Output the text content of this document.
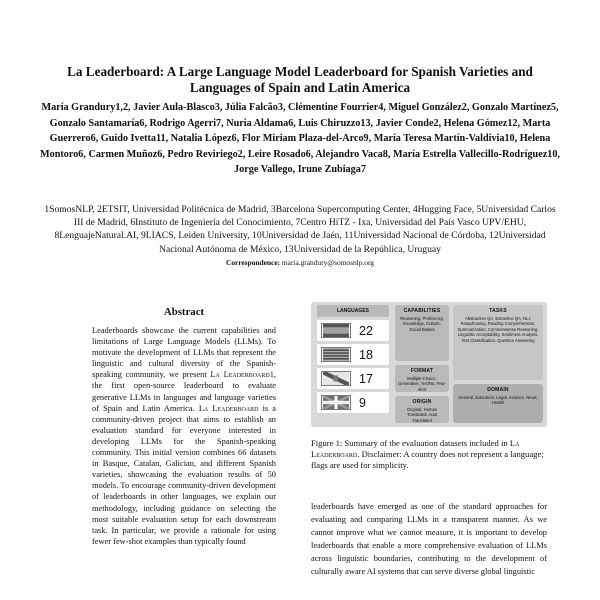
La Leaderboard: A Large Language Model Leaderboard for Spanish Varieties and Languages of Spain and Latin America
María Grandury1,2, Javier Aula-Blasco3, Júlia Falcão3, Clémentine Fourrier4, Miguel González2, Gonzalo Martínez5, Gonzalo Santamaría6, Rodrigo Agerri7, Nuria Aldama6, Luis Chiruzzo13, Javier Conde2, Helena Gómez12, Marta Guerrero6, Guido Ivetta11, Natalia López6, Flor Miriam Plaza-del-Arco9, María Teresa Martín-Valdivia10, Helena Montoro6, Carmen Muñoz6, Pedro Reviriego2, Leire Rosado6, Alejandro Vaca8, María Estrella Vallecillo-Rodríguez10, Jorge Vallego, Irune Zubiaga7
1SomosNLP, 2ETSIT, Universidad Politécnica de Madrid, 3Barcelona Supercomputing Center, 4Hugging Face, 5Universidad Carlos III de Madrid, 6Instituto de Ingeniería del Conocimiento, 7Centro HiTZ - Ixa, Universidad del País Vasco UPV/EHU, 8LenguajeNatural.AI, 9LIACS, Leiden University, 10Universidad de Jaén, 11Universidad Nacional de Córdoba, 12Universidad Nacional Autónoma de México, 13Universidad de la República, Uruguay
Correspondence: maria.grandury@somosnlp.org
Abstract
Leaderboards showcase the current capabilities and limitations of Large Language Models (LLMs). To motivate the development of LLMs that represent the linguistic and cultural diversity of the Spanish-speaking community, we present La Leaderboard1, the first open-source leaderboard to evaluate generative LLMs in languages and language varieties of Spain and Latin America. La Leaderboard is a community-driven project that aims to establish an evaluation standard for everyone interested in developing LLMs for the Spanish-speaking community. This initial version combines 66 datasets in Basque, Catalan, Galician, and different Spanish varieties, showcasing the evaluation results of 50 models. To encourage community-driven development of leaderboards in other languages, we explain our methodology, including guidance on selecting the most suitable evaluation setup for each downstream task. In particular, we provide a rationale for using fewer few-shot examples than typically found
LANGUAGES
22
18
17
9
CAPABILITIES
Reasoning, Proficiency, Knowledge, Culture, Social Biases
TASKS
Abstractive QA, Extractive QA, NLI, Paraphrasing, Reading Comprehension, Summarization, Commonsense Reasoning, Linguistic Acceptability, Sentiment Analysis, Text Classification, Question Answering
FORMAT
Multiple Choice, Generative, Yes/No, Few-shot
ORIGIN
Original, Human Translated, Auto Translated
DOMAIN
General, Education, Legal, Science, News, Health
Figure 1: Summary of the evaluation datasets included in La Leaderboard. Disclaimer: A country does not represent a language; flags are used for simplicity.
leaderboards have emerged as one of the standard approaches for evaluating and comparing LLMs in a transparent manner. As we cannot improve what we cannot measure, it is important to develop leaderboards that enable a more comprehensive evaluation of LLMs across linguistic boundaries, contributing to the development of culturally aware AI systems that can serve diverse global linguistic
